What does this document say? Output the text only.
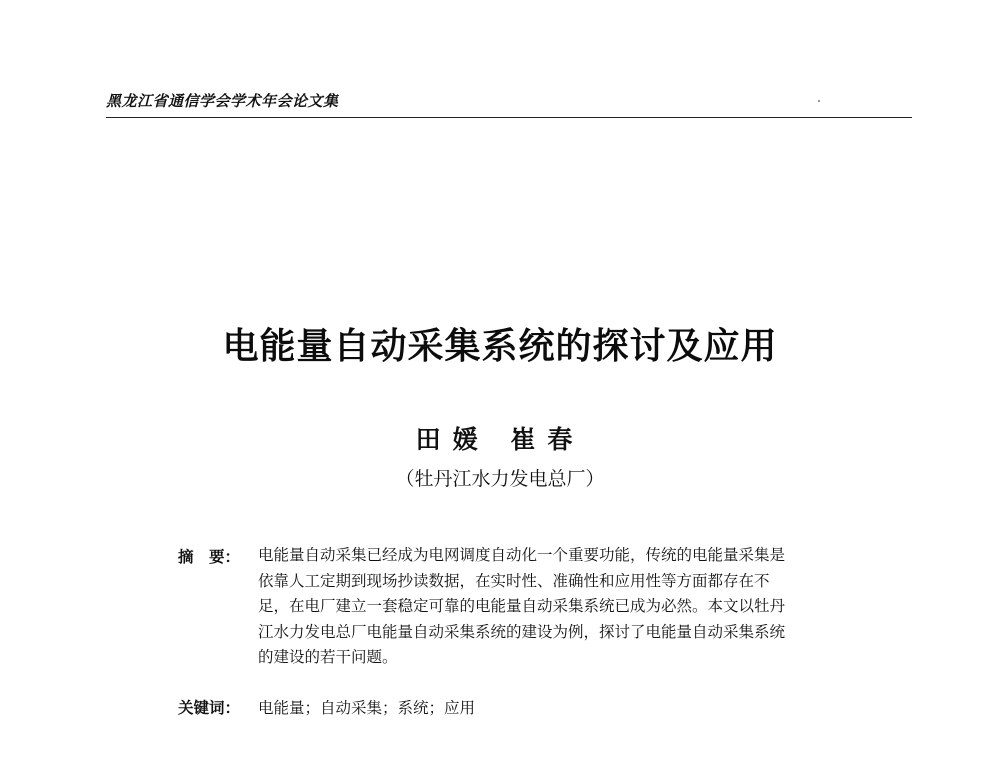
黑龙江省通信学会学术年会论文集
电能量自动采集系统的探讨及应用
田媛 崔春
（牡丹江水力发电总厂）
摘　要：	电能量自动采集已经成为电网调度自动化一个重要功能，传统的电能量采集是
依靠人工定期到现场抄读数据，在实时性、准确性和应用性等方面都存在不
足，在电厂建立一套稳定可靠的电能量自动采集系统已成为必然。本文以牡丹
江水力发电总厂电能量自动采集系统的建设为例，探讨了电能量自动采集系统
的建设的若干问题。
关键词：	电能量；自动采集；系统；应用
